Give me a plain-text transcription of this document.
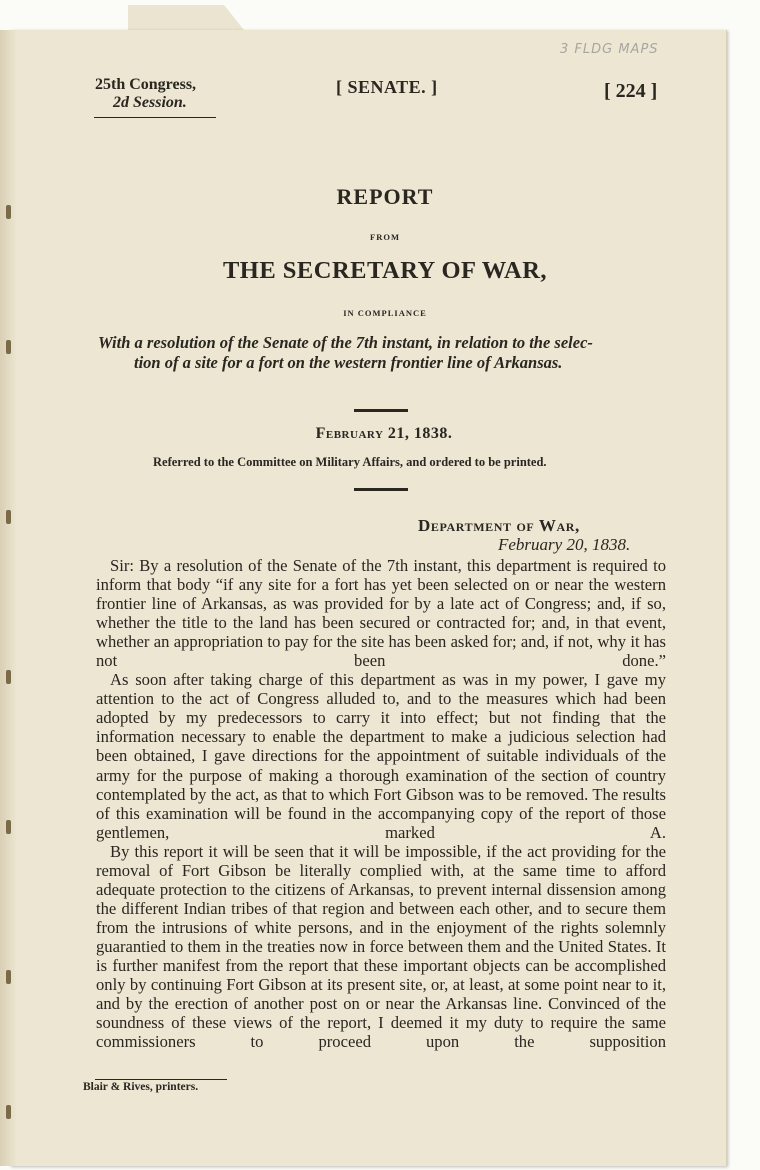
3 FLDG MAPS
25th Congress,
2d Session.
[ SENATE. ]	[ 224 ]
REPORT
FROM
THE SECRETARY OF WAR,
IN COMPLIANCE
With a resolution of the Senate of the 7th instant, in relation to the selec-
tion of a site for a fort on the western frontier line of Arkansas.
February 21, 1838.
Referred to the Committee on Military Affairs, and ordered to be printed.
Department of War,
February 20, 1838.

Sir: By a resolution of the Senate of the 7th instant, this department is required to inform that body “if any site for a fort has yet been selected on or near the western frontier line of Arkansas, as was provided for by a late act of Congress; and, if so, whether the title to the land has been secured or contracted for; and, in that event, whether an appropriation to pay for the site has been asked for; and, if not, why it has not been done.”

As soon after taking charge of this department as was in my power, I gave my attention to the act of Congress alluded to, and to the measures which had been adopted by my predecessors to carry it into effect; but not finding that the information necessary to enable the department to make a judicious selection had been obtained, I gave directions for the appointment of suitable individuals of the army for the purpose of making a thorough examination of the section of country contemplated by the act, as that to which Fort Gibson was to be removed. The results of this examination will be found in the accompanying copy of the report of those gentlemen, marked A.

By this report it will be seen that it will be impossible, if the act providing for the removal of Fort Gibson be literally complied with, at the same time to afford adequate protection to the citizens of Arkansas, to prevent internal dissension among the different Indian tribes of that region and between each other, and to secure them from the intrusions of white persons, and in the enjoyment of the rights solemnly guarantied to them in the treaties now in force between them and the United States. It is further manifest from the report that these important objects can be accomplished only by continuing Fort Gibson at its present site, or, at least, at some point near to it, and by the erection of another post on or near the Arkansas line. Convinced of the soundness of these views of the report, I deemed it my duty to require the same commissioners to proceed upon the supposition

Blair & Rives, printers.
